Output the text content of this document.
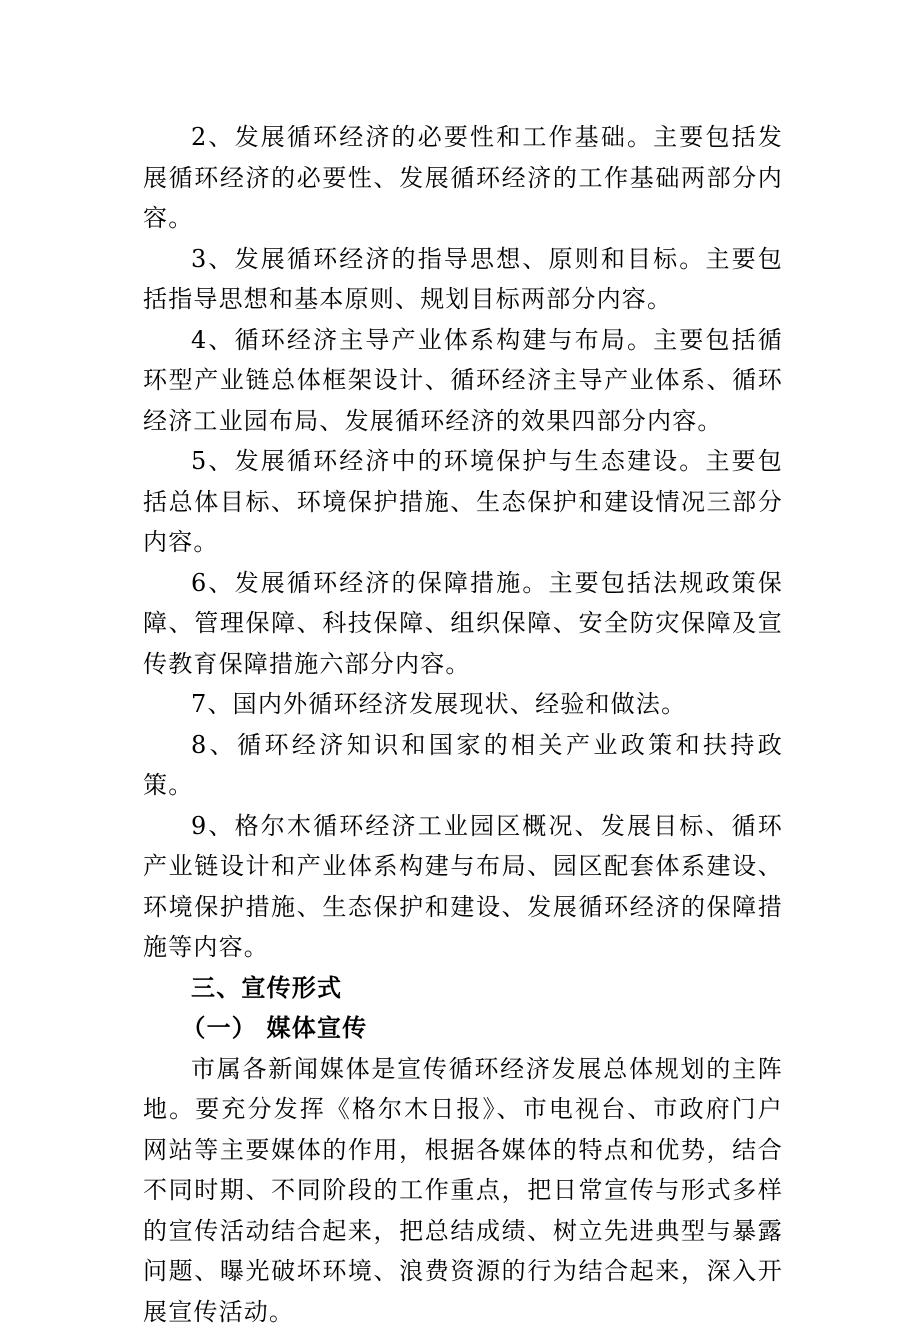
2、发展循环经济的必要性和工作基础。主要包括发展循环经济的必要性、发展循环经济的工作基础两部分内容。

3、发展循环经济的指导思想、原则和目标。主要包括指导思想和基本原则、规划目标两部分内容。

4、循环经济主导产业体系构建与布局。主要包括循环型产业链总体框架设计、循环经济主导产业体系、循环经济工业园布局、发展循环经济的效果四部分内容。

5、发展循环经济中的环境保护与生态建设。主要包括总体目标、环境保护措施、生态保护和建设情况三部分内容。

6、发展循环经济的保障措施。主要包括法规政策保障、管理保障、科技保障、组织保障、安全防灾保障及宣传教育保障措施六部分内容。

7、国内外循环经济发展现状、经验和做法。

8、循环经济知识和国家的相关产业政策和扶持政策。

9、格尔木循环经济工业园区概况、发展目标、循环产业链设计和产业体系构建与布局、园区配套体系建设、环境保护措施、生态保护和建设、发展循环经济的保障措施等内容。

三、宣传形式

（一） 媒体宣传

市属各新闻媒体是宣传循环经济发展总体规划的主阵地。要充分发挥《格尔木日报》、市电视台、市政府门户网站等主要媒体的作用，根据各媒体的特点和优势，结合不同时期、不同阶段的工作重点，把日常宣传与形式多样的宣传活动结合起来，把总结成绩、树立先进典型与暴露问题、曝光破坏环境、浪费资源的行为结合起来，深入开展宣传活动。
